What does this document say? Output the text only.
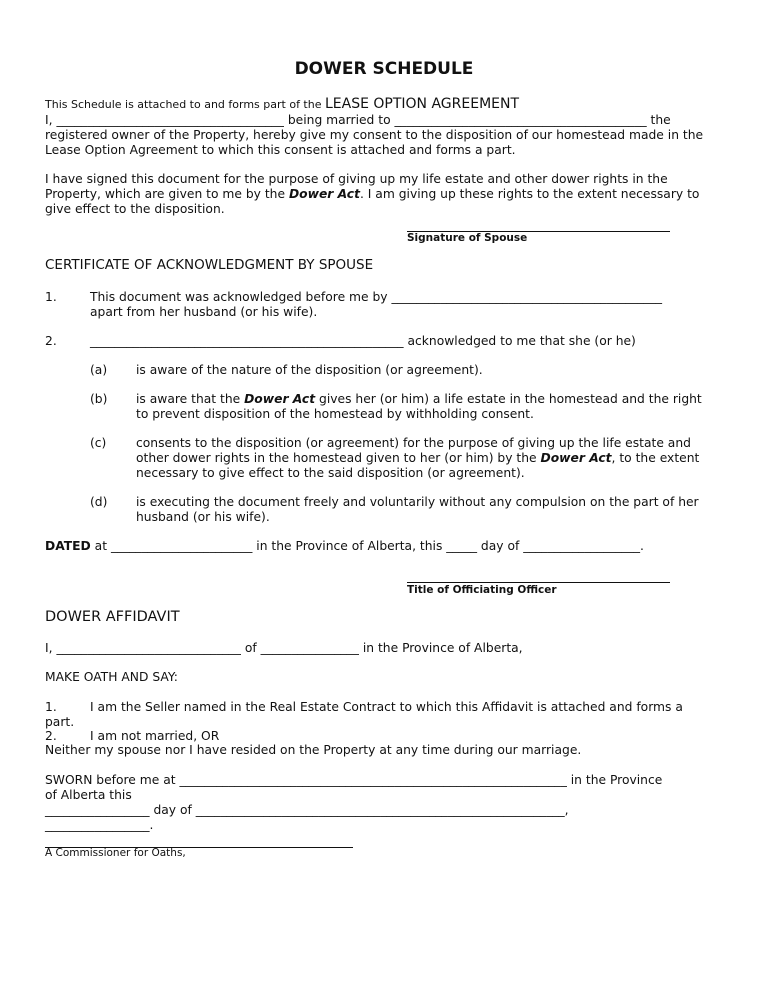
DOWER SCHEDULE
This Schedule is attached to and forms part of the LEASE OPTION AGREEMENT
I, _____________________________________ being married to _________________________________________ the
registered owner of the Property, hereby give my consent to the disposition of our homestead made in the
Lease Option Agreement to which this consent is attached and forms a part.
I have signed this document for the purpose of giving up my life estate and other dower rights in the
Property, which are given to me by the Dower Act. I am giving up these rights to the extent necessary to
give effect to the disposition.
Signature of Spouse
CERTIFICATE OF ACKNOWLEDGMENT BY SPOUSE
1.	This document was acknowledged before me by ____________________________________________
apart from her husband (or his wife).
2.	___________________________________________________ acknowledged to me that she (or he)
(a) is aware of the nature of the disposition (or agreement).
(b) is aware that the Dower Act gives her (or him) a life estate in the homestead and the right
to prevent disposition of the homestead by withholding consent.
(c) consents to the disposition (or agreement) for the purpose of giving up the life estate and
other dower rights in the homestead given to her (or him) by the Dower Act, to the extent
necessary to give effect to the said disposition (or agreement).
(d) is executing the document freely and voluntarily without any compulsion on the part of her
husband (or his wife).
DATED at _______________________ in the Province of Alberta, this _____ day of ___________________.
Title of Officiating Officer
DOWER AFFIDAVIT
I, ______________________________ of ________________ in the Province of Alberta,
MAKE OATH AND SAY:
1.	I am the Seller named in the Real Estate Contract to which this Affidavit is attached and forms a
part.
2.	I am not married, OR
Neither my spouse nor I have resided on the Property at any time during our marriage.
SWORN before me at _______________________________________________________________ in the Province
of Alberta this
_________________ day of ____________________________________________________________,
_________________.
A Commissioner for Oaths,
